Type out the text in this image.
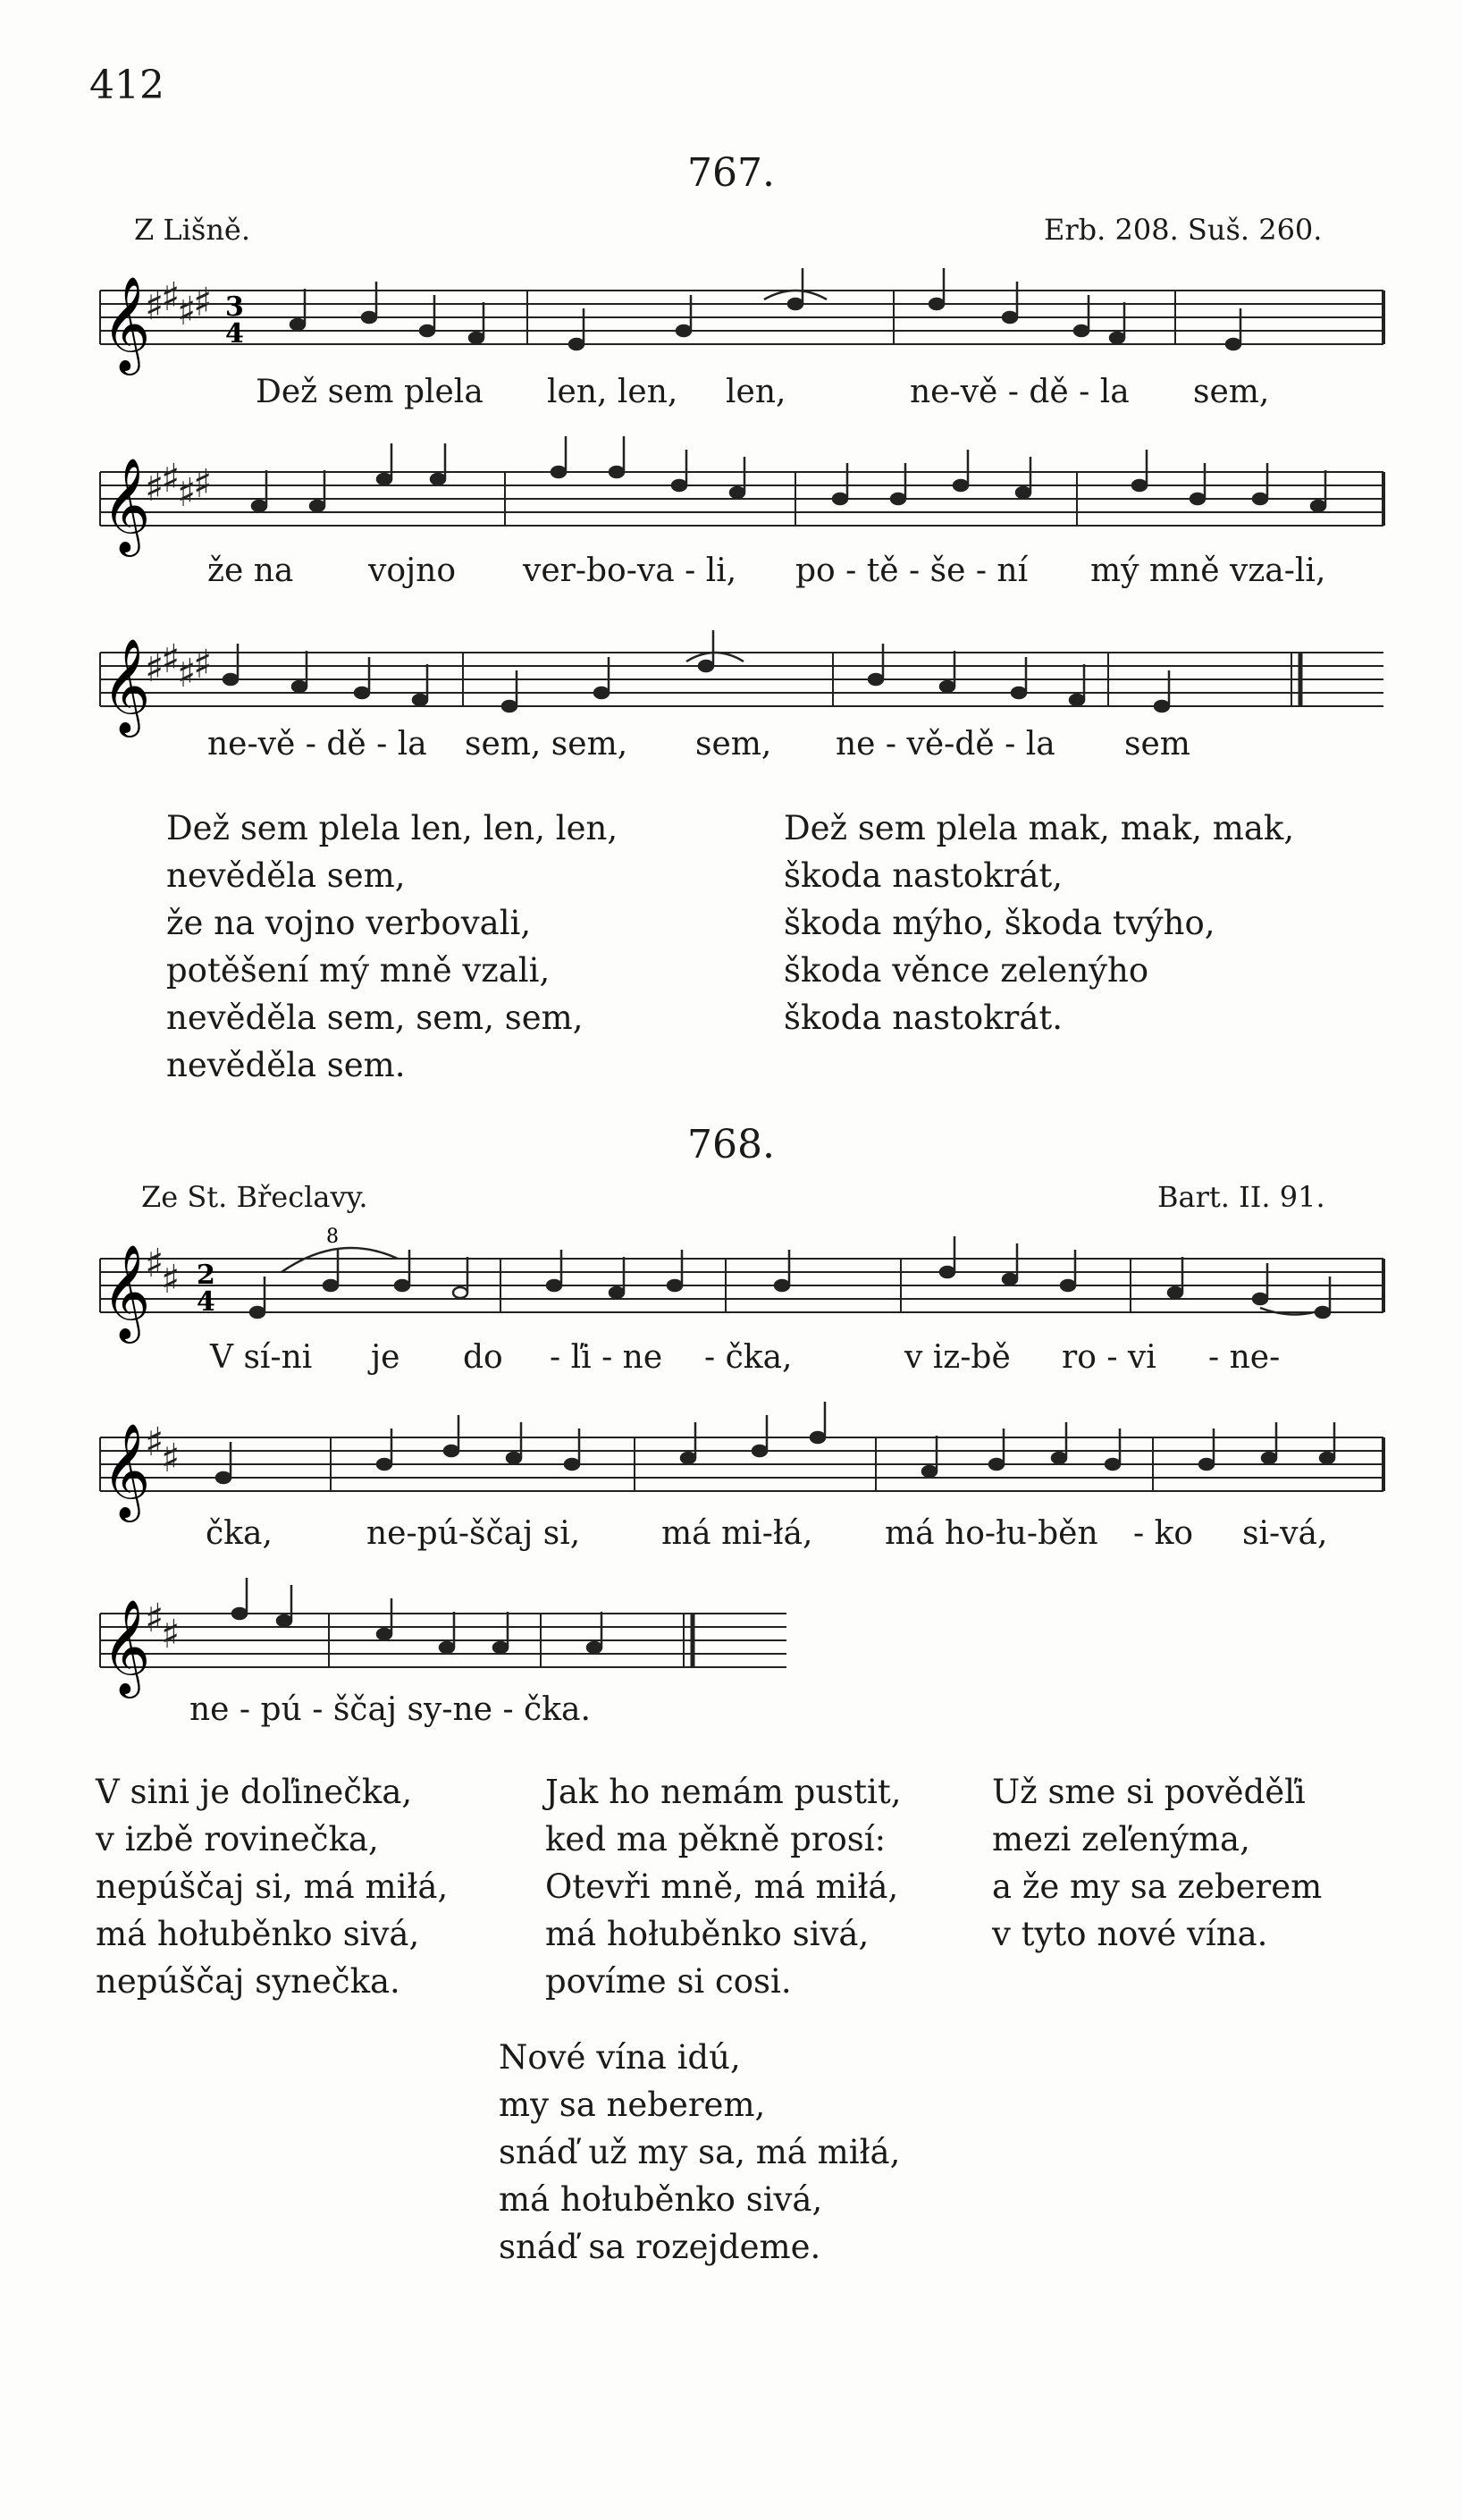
412
767.
Z Lišně.	Erb. 208. Suš. 260.
𝄞
♯
♯
♯
♯ 3
4
Dež sem plela len, len, len,	ne-vě - dě - la sem,
𝄞
♯
♯
♯
♯
že na vojno ver-bo-va - li, po - tě - še - ní mý mně vza-li,
𝄞
♯
♯
♯
♯
ne-vě - dě - la sem, sem, sem, ne - vě-dě - la sem
Dež sem plela len, len, len,
nevěděla sem,
že na vojno verbovali,
potěšení mý mně vzali,
nevěděla sem, sem, sem,
nevěděla sem.
Dež sem plela mak, mak, mak,
škoda nastokrát,
škoda mýho, škoda tvýho,
škoda věnce zelenýho
škoda nastokrát.
768.
Ze St. Břeclavy.	Bart. II. 91.
𝄞
♯
♯ 2
4
8
V sí-ni je do - ľi - ne - čka,	v iz-bě ro - vi - ne-
𝄞
♯
♯
čka,	ne-pú-ščaj si,	má mi-łá, má ho-łu-běn - ko si-vá,
𝄞
♯
♯
ne - pú - ščaj sy-ne - čka.
V sini je doľinečka,
v izbě rovinečka,
nepúščaj si, má miłá,
má hołuběnko sivá,
nepúščaj synečka.
Jak ho nemám pustit,
ked ma pěkně prosí:
Otevři mně, má miłá,
má hołuběnko sivá,
povíme si cosi.
Už sme si pověděľi
mezi zeľenýma,
a že my sa zeberem
v tyto nové vína.
Nové vína idú,
my sa neberem,
snáď už my sa, má miłá,
má hołuběnko sivá,
snáď sa rozejdeme.
